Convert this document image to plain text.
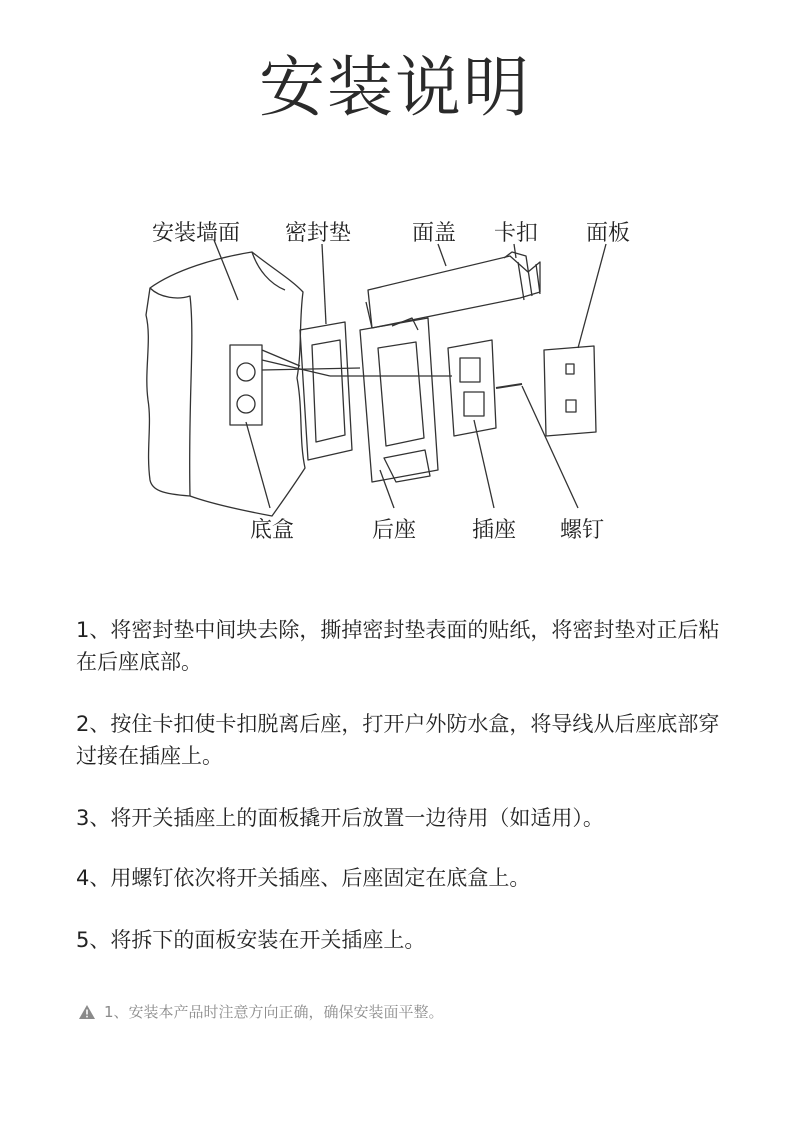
安装说明
安装墙面 密封垫	面盖 卡扣 面板
底盒	后座	插座 螺钉

1、将密封垫中间块去除，撕掉密封垫表面的贴纸，将密封垫对正后粘在后座底部。

2、按住卡扣使卡扣脱离后座，打开户外防水盒，将导线从后座底部穿过接在插座上。

3、将开关插座上的面板撬开后放置一边待用（如适用）。

4、用螺钉依次将开关插座、后座固定在底盒上。

5、将拆下的面板安装在开关插座上。

1、安装本产品时注意方向正确，确保安装面平整。
